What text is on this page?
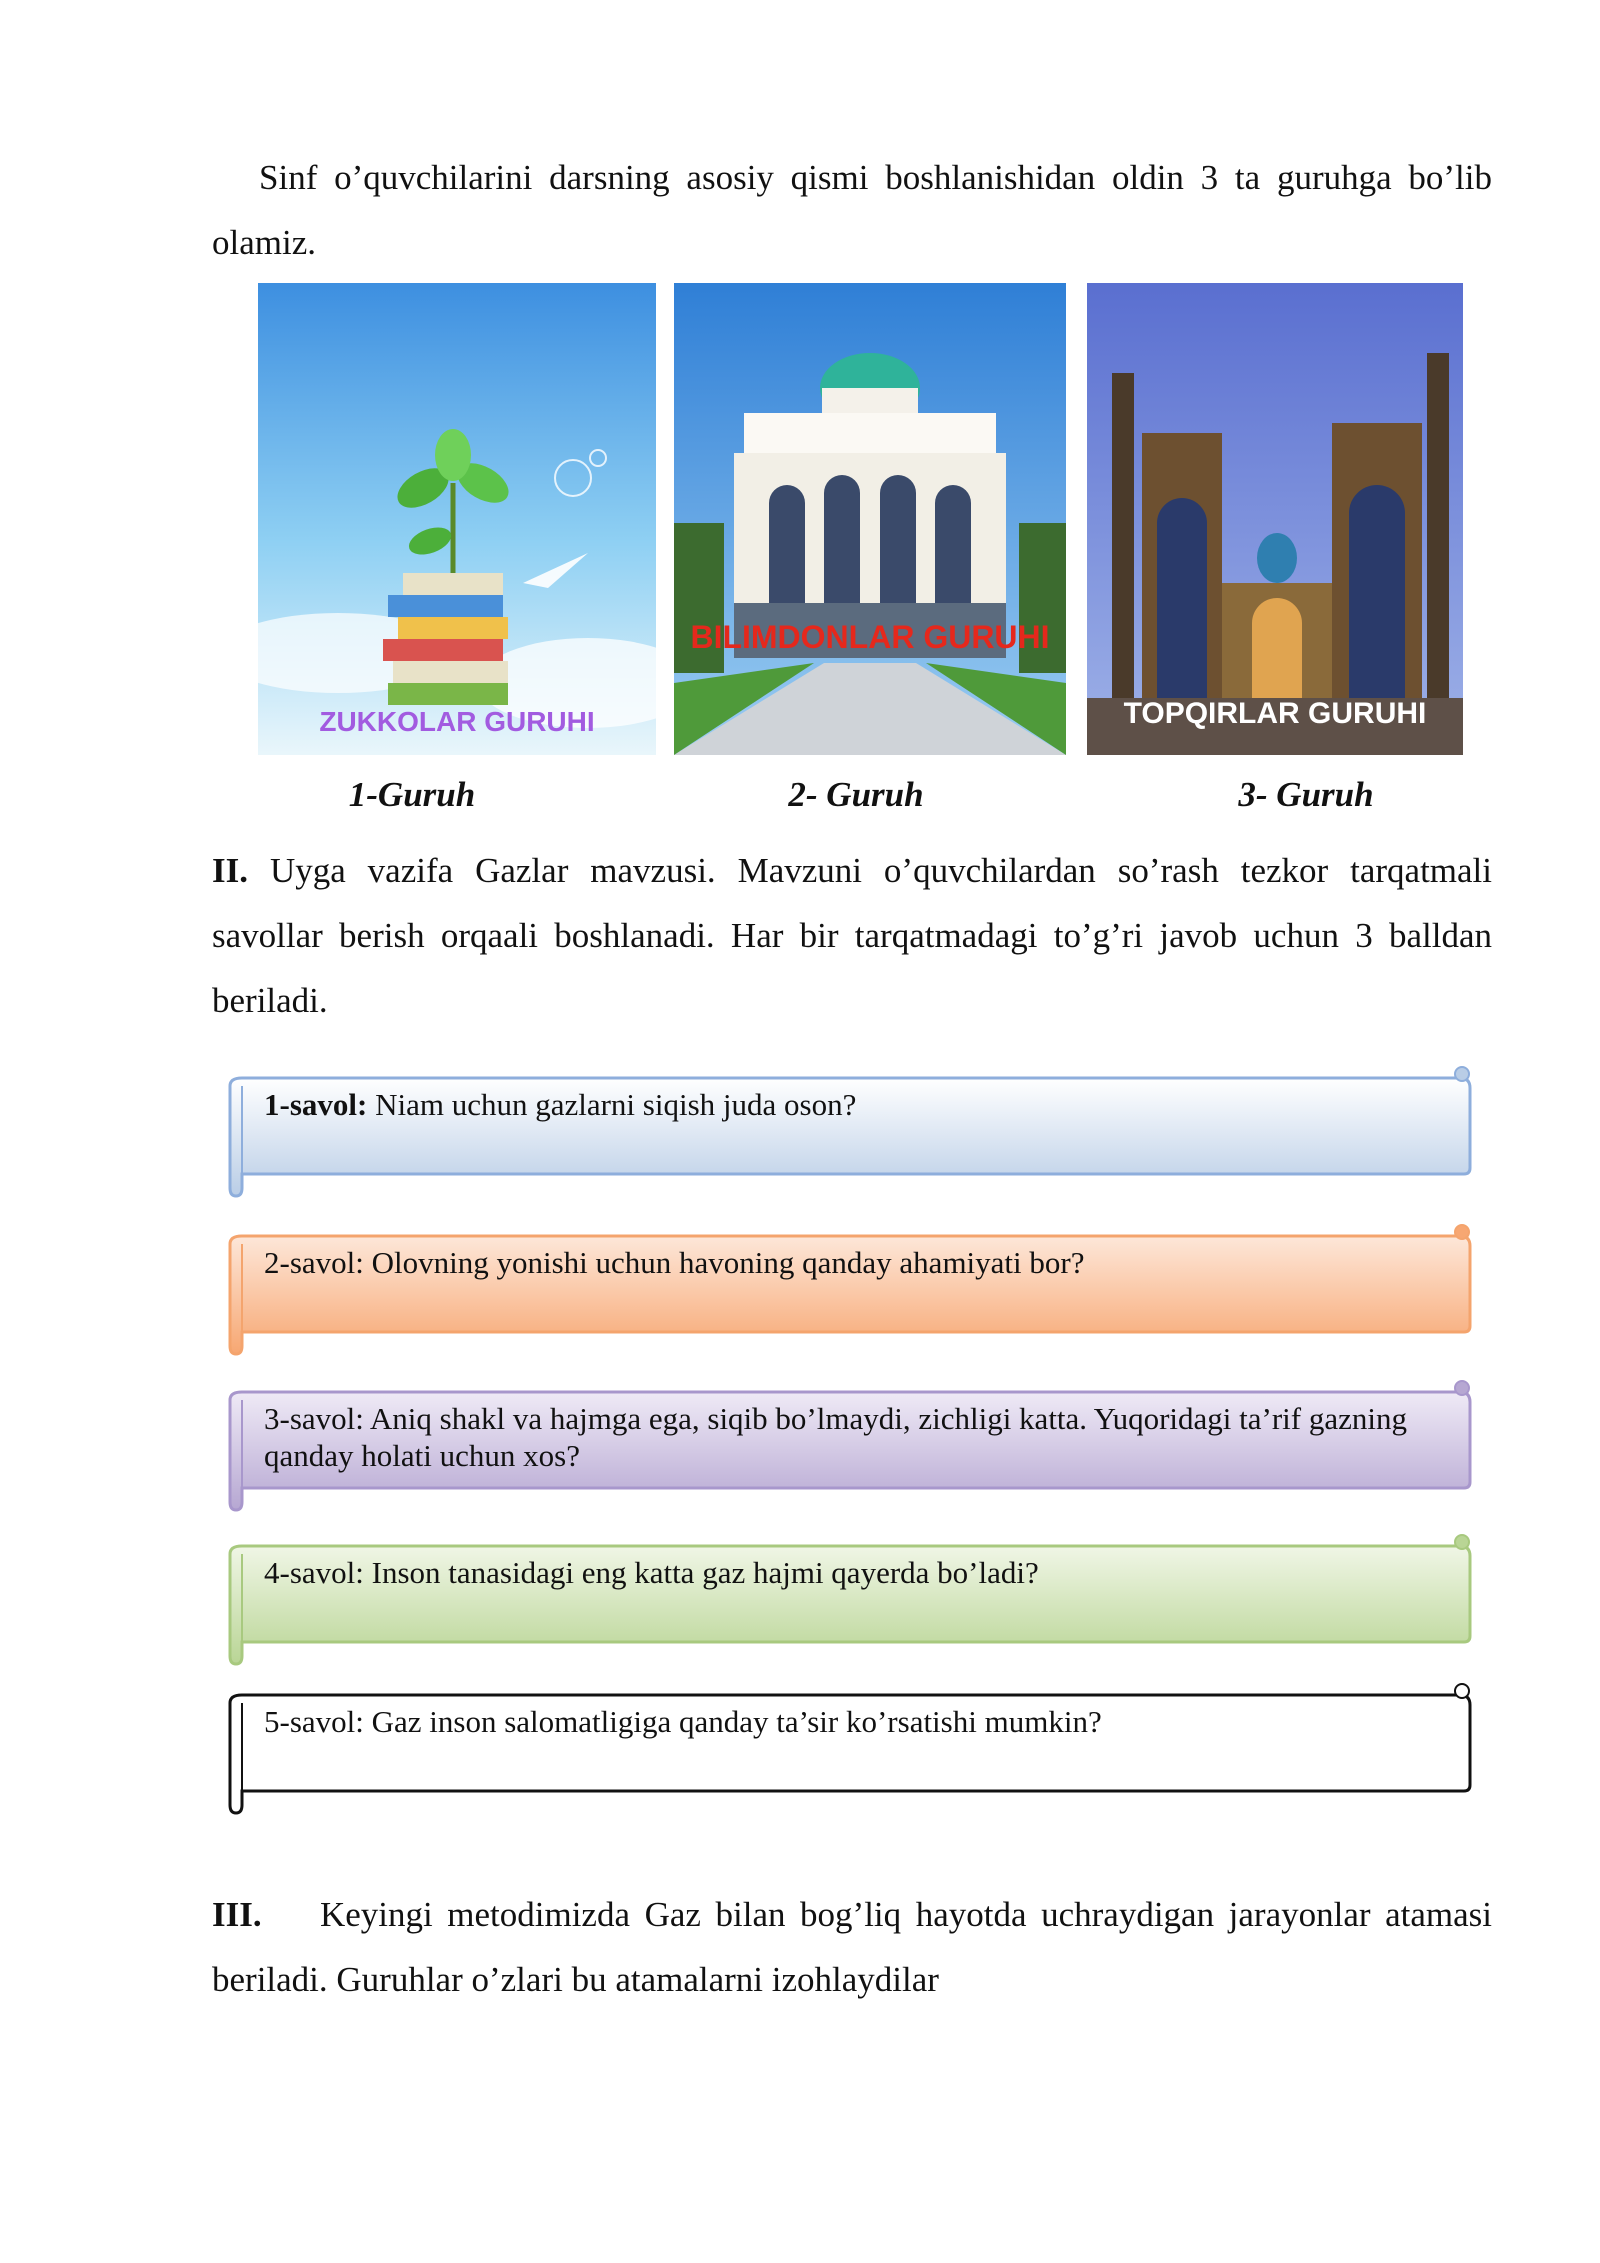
Sinf o’quvchilarini darsning asosiy qismi boshlanishidan oldin 3 ta guruhga bo’lib olamiz.

ZUKKOLAR GURUHI
BILIMDONLAR GURUHI
TOPQIRLAR GURUHI
1-Guruh	2- Guruh	3- Guruh

II. Uyga vazifa Gazlar mavzusi. Mavzuni o’quvchilardan so’rash tezkor tarqatmali savollar berish orqaali boshlanadi. Har bir tarqatmadagi to’g’ri javob uchun 3 balldan beriladi.

1-savol: Niam uchun gazlarni siqish juda oson?
2-savol: Olovning yonishi uchun havoning qanday ahamiyati bor?
3-savol: Aniq shakl va hajmga ega, siqib bo’lmaydi, zichligi katta. Yuqoridagi ta’rif gazning qanday holati uchun xos?
4-savol: Inson tanasidagi eng katta gaz hajmi qayerda bo’ladi?
5-savol: Gaz inson salomatligiga qanday ta’sir ko’rsatishi mumkin?

III. Keyingi metodimizda Gaz bilan bog’liq hayotda uchraydigan jarayonlar atamasi beriladi. Guruhlar o’zlari bu atamalarni izohlaydilar
